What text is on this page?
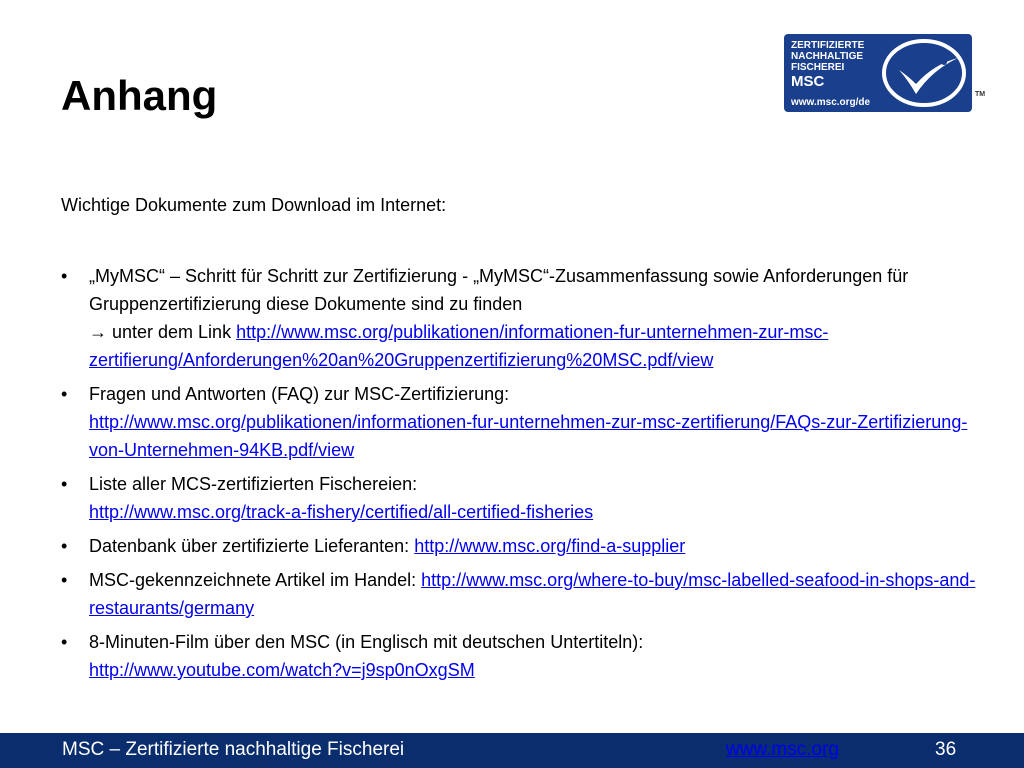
Anhang
ZERTIFIZIERTE
NACHHALTIGE
FISCHEREI
MSC
www.msc.org/de
TM
Wichtige Dokumente zum Download im Internet:
• „MyMSC“ – Schritt für Schritt zur Zertifizierung - „MyMSC“-Zusammenfassung sowie Anforderungen für Gruppenzertifizierung diese Dokumente sind zu finden
→ unter dem Link http://www.msc.org/publikationen/informationen-fur-unternehmen-zur-msc-zertifierung/Anforderungen%20an%20Gruppenzertifizierung%20MSC.pdf/view
• Fragen und Antworten (FAQ) zur MSC-Zertifizierung:
http://www.msc.org/publikationen/informationen-fur-unternehmen-zur-msc-zertifierung/FAQs-zur-Zertifizierung-von-Unternehmen-94KB.pdf/view
• Liste aller MCS-zertifizierten Fischereien:
http://www.msc.org/track-a-fishery/certified/all-certified-fisheries
• Datenbank über zertifizierte Lieferanten: http://www.msc.org/find-a-supplier
• MSC-gekennzeichnete Artikel im Handel: http://www.msc.org/where-to-buy/msc-labelled-seafood-in-shops-and-restaurants/germany
• 8-Minuten-Film über den MSC (in Englisch mit deutschen Untertiteln):
http://www.youtube.com/watch?v=j9sp0nOxgSM
MSC – Zertifizierte nachhaltige Fischerei	www.msc.org	36
